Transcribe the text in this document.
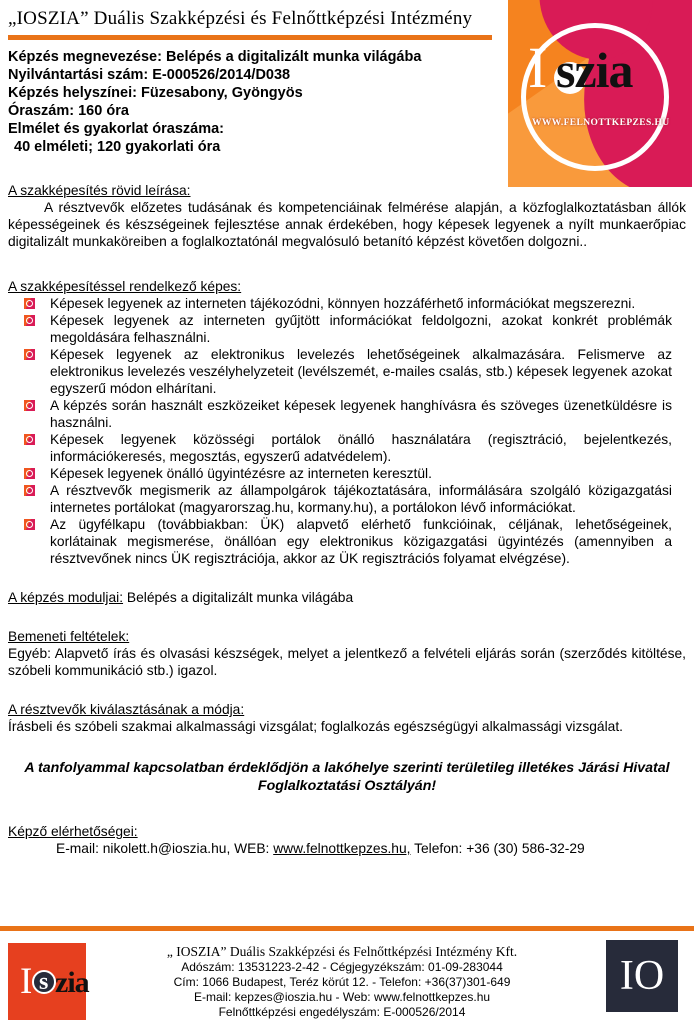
I szia
WWW.FELNOTTKEPZES.HU
„IOSZIA” Duális Szakképzési és Felnőttképzési Intézmény
Képzés megnevezése: Belépés a digitalizált munka világába
Nyilvántartási szám: E-000526/2014/D038
Képzés helyszínei: Füzesabony, Gyöngyös
Óraszám: 160 óra
Elmélet és gyakorlat óraszáma:
40 elméleti; 120 gyakorlati óra
A szakképesítés rövid leírása:

A résztvevők előzetes tudásának és kompetenciáinak felmérése alapján, a közfoglalkoztatásban állók képességeinek és készségeinek fejlesztése annak érdekében, hogy képesek legyenek a nyílt munkaerőpiac digitalizált munkaköreiben a foglalkoztatónál megvalósuló betanító képzést követően dolgozni..

A szakképesítéssel rendelkező képes:
Képesek legyenek az interneten tájékozódni, könnyen hozzáférhető információkat megszerezni.
Képesek legyenek az interneten gyűjtött információkat feldolgozni, azokat konkrét problémák megoldására felhasználni.
Képesek legyenek az elektronikus levelezés lehetőségeinek alkalmazására. Felismerve az elektronikus levelezés veszélyhelyzeteit (levélszemét, e-mailes csalás, stb.) képesek legyenek azokat egyszerű módon elhárítani.
A képzés során használt eszközeiket képesek legyenek hanghívásra és szöveges üzenetküldésre is használni.
Képesek legyenek közösségi portálok önálló használatára (regisztráció, bejelentkezés, információkeresés, megosztás, egyszerű adatvédelem).
Képesek legyenek önálló ügyintézésre az interneten keresztül.
A résztvevők megismerik az állampolgárok tájékoztatására, informálására szolgáló közigazgatási internetes portálokat (magyarorszag.hu, kormany.hu), a portálokon lévő információkat.
Az ügyfélkapu (továbbiakban: ÜK) alapvető elérhető funkcióinak, céljának, lehetőségeinek, korlátainak megismerése, önállóan egy elektronikus közigazgatási ügyintézés (amennyiben a résztvevőnek nincs ÜK regisztrációja, akkor az ÜK regisztrációs folyamat elvégzése).
A képzés moduljai: Belépés a digitalizált munka világába
Bemeneti feltételek:

Egyéb: Alapvető írás és olvasási készségek, melyet a jelentkező a felvételi eljárás során (szerződés kitöltése, szóbeli kommunikáció stb.) igazol.

A résztvevők kiválasztásának a módja:

Írásbeli és szóbeli szakmai alkalmassági vizsgálat; foglalkozás egészségügyi alkalmassági vizsgálat.

A tanfolyammal kapcsolatban érdeklődjön a lakóhelye szerinti területileg illetékes Járási Hivatal Foglalkoztatási Osztályán!

Képző elérhetőségei:
E-mail: nikolett.h@ioszia.hu, WEB: www.felnottkepzes.hu, Telefon: +36 (30) 586-32-29
I s zia
„ IOSZIA” Duális Szakképzési és Felnőttképzési Intézmény Kft.
Adószám: 13531223-2-42 - Cégjegyzékszám: 01-09-283044
Cím: 1066 Budapest, Teréz körút 12. - Telefon: +36(37)301-649
E-mail: kepzes@ioszia.hu - Web: www.felnottkepzes.hu
Felnőttképzési engedélyszám: E-000526/2014
IO
